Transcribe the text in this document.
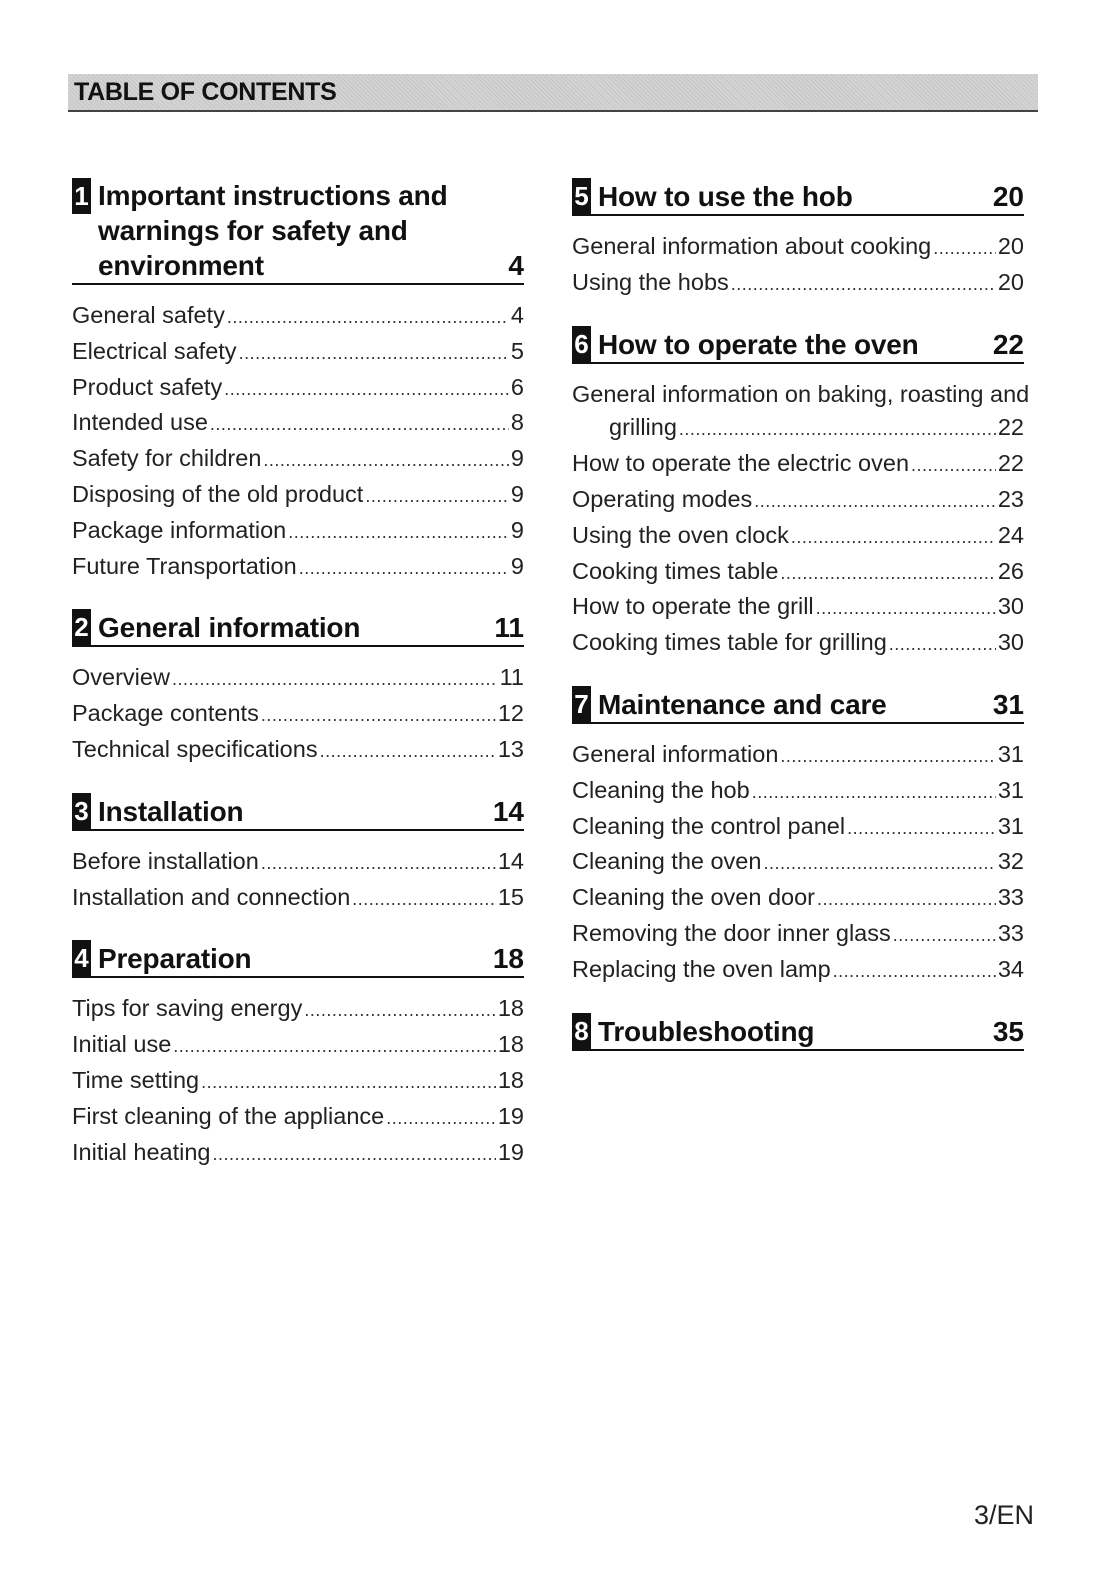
TABLE OF CONTENTS
1 Important instructions and warnings for safety and environment	4
General safety .....	4
Electrical safety .....	5
Product safety .....	6
Intended use .....	8
Safety for children .....	9
Disposing of the old product .....	9
Package information .....	9
Future Transportation .....	9
2 General information	11
Overview .....	11
Package contents .....	12
Technical specifications .....	13
3 Installation	14
Before installation .....	14
Installation and connection .....	15
4 Preparation	18
Tips for saving energy .....	18
Initial use .....	18
Time setting .....	18
First cleaning of the appliance .....	19
Initial heating .....	19
5 How to use the hob	20
General information about cooking .....	20
Using the hobs .....	20
6 How to operate the oven	22
General information on baking, roasting and
grilling .....	22
How to operate the electric oven .....	22
Operating modes .....	23
Using the oven clock .....	24
Cooking times table .....	26
How to operate the grill .....	30
Cooking times table for grilling .....	30
7 Maintenance and care	31
General information .....	31
Cleaning the hob .....	31
Cleaning the control panel .....	31
Cleaning the oven .....	32
Cleaning the oven door .....	33
Removing the door inner glass .....	33
Replacing the oven lamp .....	34
8 Troubleshooting	35
3/EN
